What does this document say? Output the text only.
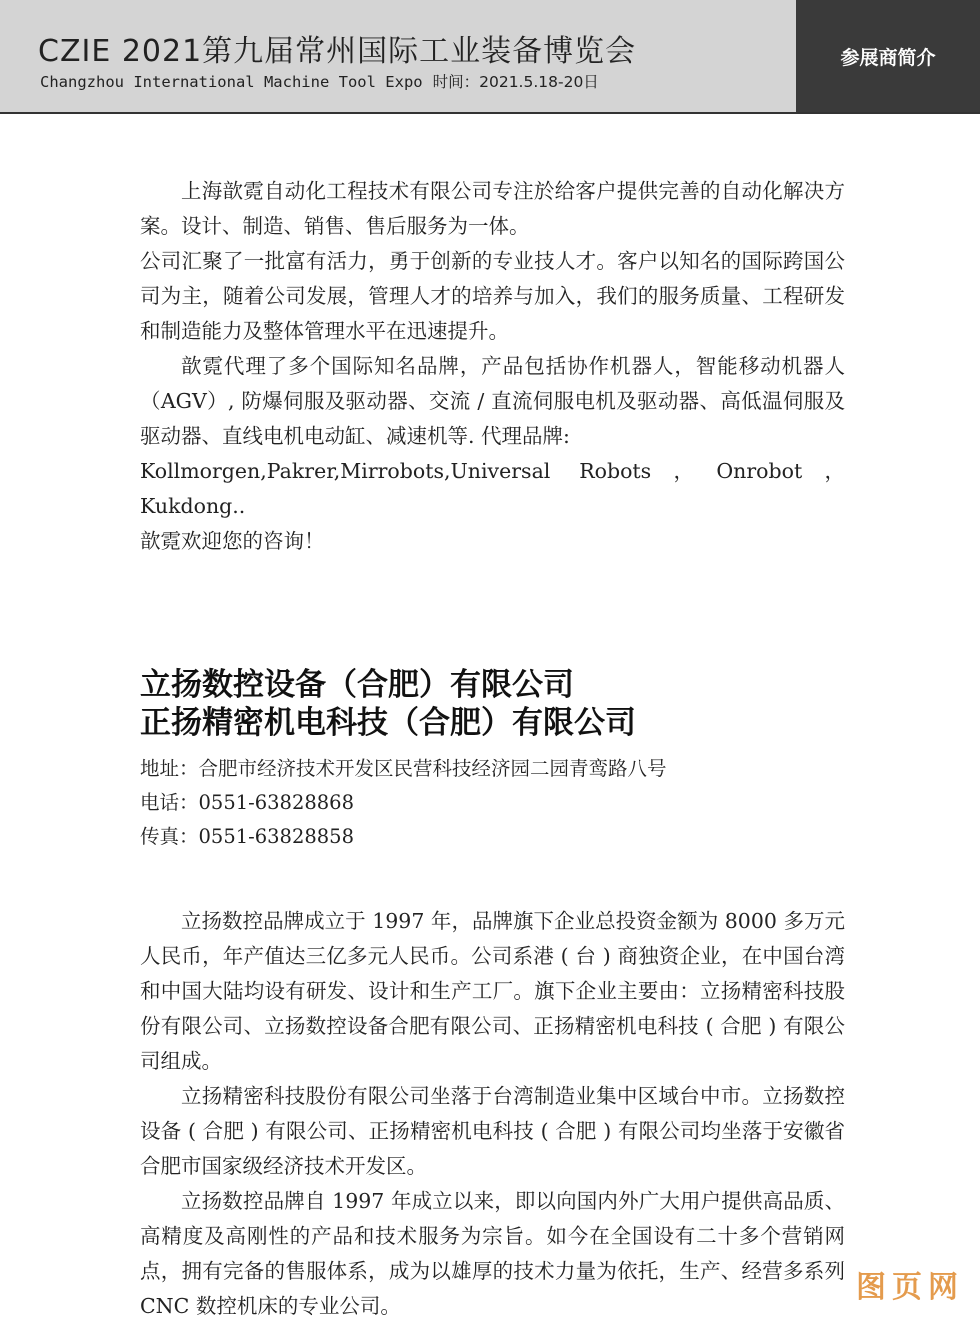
CZIE 2021第九届常州国际工业装备博览会
Changzhou International Machine Tool Expo 时间：2021.5.18-20日
参展商简介

上海歆霓自动化工程技术有限公司专注於给客户提供完善的自动化解决方案。设计、制造、销售、售后服务为一体。

公司汇聚了一批富有活力，勇于创新的专业技人才。客户以知名的国际跨国公司为主，随着公司发展，管理人才的培养与加入，我们的服务质量、工程研发和制造能力及整体管理水平在迅速提升。

歆霓代理了多个国际知名品牌，产品包括协作机器人，智能移动机器人（AGV）, 防爆伺服及驱动器、交流 / 直流伺服电机及驱动器、高低温伺服及驱动器、直线电机电动缸、减速机等. 代理品牌:

Kollmorgen,Pakrer,Mirrobots,Universal Robots，Onrobot，Kukdong..

歆霓欢迎您的咨询！

立扬数控设备（合肥）有限公司
正扬精密机电科技（合肥）有限公司

地址：合肥市经济技术开发区民营科技经济园二园青鸾路八号

电话：0551-63828868

传真：0551-63828858

立扬数控品牌成立于 1997 年，品牌旗下企业总投资金额为 8000 多万元人民币，年产值达三亿多元人民币。公司系港 ( 台 ) 商独资企业，在中国台湾和中国大陆均设有研发、设计和生产工厂。旗下企业主要由：立扬精密科技股份有限公司、立扬数控设备合肥有限公司、正扬精密机电科技 ( 合肥 ) 有限公司组成。

立扬精密科技股份有限公司坐落于台湾制造业集中区域台中市。立扬数控设备 ( 合肥 ) 有限公司、正扬精密机电科技 ( 合肥 ) 有限公司均坐落于安徽省合肥市国家级经济技术开发区。

立扬数控品牌自 1997 年成立以来，即以向国内外广大用户提供高品质、高精度及高刚性的产品和技术服务为宗旨。如今在全国设有二十多个营销网点，拥有完备的售服体系，成为以雄厚的技术力量为依托，生产、经营多系列 CNC 数控机床的专业公司。

图页网
